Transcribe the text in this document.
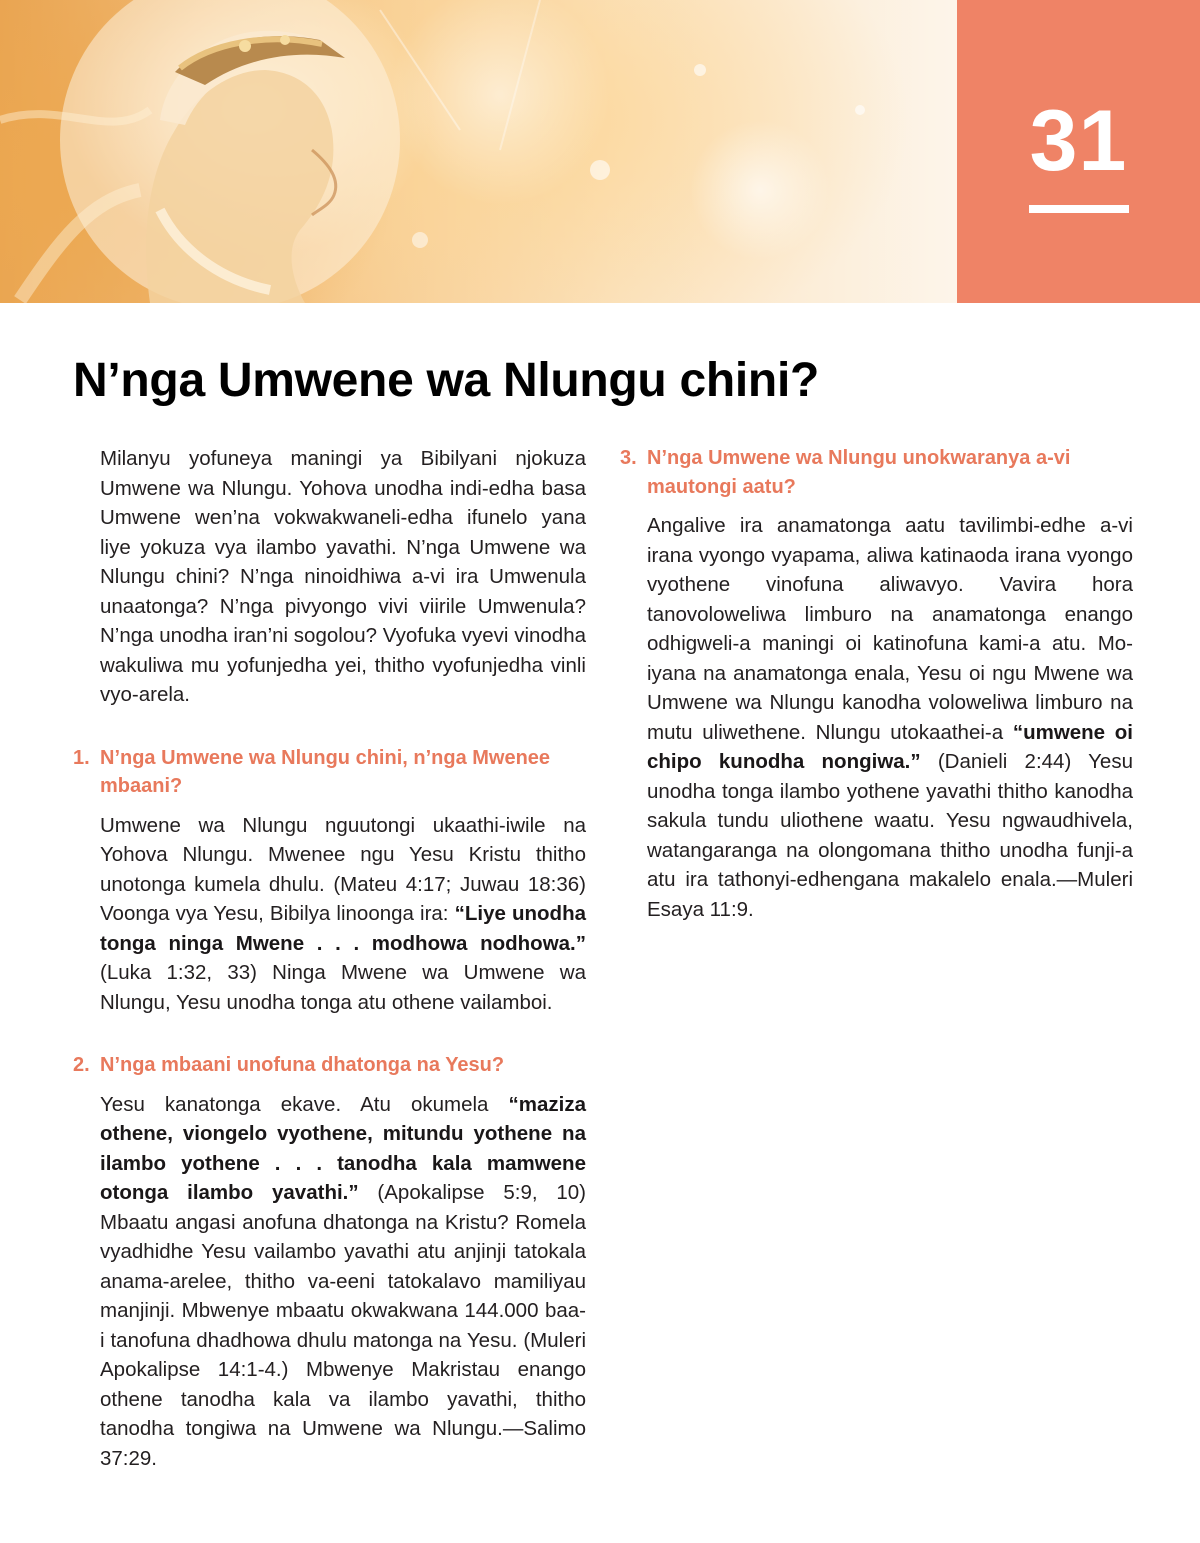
31
N’nga Umwene wa Nlungu chini?

Milanyu yofuneya maningi ya Bibilyani njokuza Umwene wa Nlungu. Yohova unodha indi-edha basa Umwene wen’na vokwakwaneli-edha ifunelo yana liye yokuza vya ilambo yavathi. N’nga Umwene wa Nlungu chini? N’nga ninoidhiwa a-vi ira Umwenula unaatonga? N’nga pivyongo vivi viirile Umwenula? N’nga unodha iran’ni sogolou? Vyofuka vyevi vinodha wakuliwa mu yofunjedha yei, thitho vyofunjedha vinli vyo-arela.

1. N’nga Umwene wa Nlungu chini, n’nga Mwenee mbaani?

Umwene wa Nlungu nguutongi ukaathi-iwile na Yohova Nlungu. Mwenee ngu Yesu Kristu thitho unotonga kumela dhulu. (Mateu 4:17; Juwau 18:36) Voonga vya Yesu, Bibilya linoonga ira: “Liye unodha tonga ninga Mwene . . . modhowa nodhowa.” (Luka 1:32, 33) Ninga Mwene wa Umwene wa Nlungu, Yesu unodha tonga atu othene vailamboi.

2. N’nga mbaani unofuna dhatonga na Yesu?

Yesu kanatonga ekave. Atu okumela “maziza othene, viongelo vyothene, mitundu yothene na ilambo yothene . . . tanodha kala mamwene otonga ilambo yavathi.” (Apokalipse 5:9, 10) Mbaatu angasi anofuna dhatonga na Kristu? Romela vyadhidhe Yesu vailambo yavathi atu anjinji tatokala anama-arelee, thitho va-eeni tatokalavo mamiliyau manjinji. Mbwenye mbaatu okwakwana 144.000 baa-i tanofuna dhadhowa dhulu matonga na Yesu. (Muleri Apokalipse 14:1-4.) Mbwenye Makristau enango othene tanodha kala va ilambo yavathi, thitho tanodha tongiwa na Umwene wa Nlungu.—Salimo 37:29.

3. N’nga Umwene wa Nlungu unokwaranya a-vi mautongi aatu?

Angalive ira anamatonga aatu tavilimbi-edhe a-vi irana vyongo vyapama, aliwa katinaoda irana vyongo vyothene vinofuna aliwavyo. Vavira hora tanovoloweliwa limburo na anamatonga enango odhigweli-a maningi oi katinofuna kami-a atu. Mo-iyana na anamatonga enala, Yesu oi ngu Mwene wa Umwene wa Nlungu kanodha voloweliwa limburo na mutu uliwethene. Nlungu utokaathei-a “umwene oi chipo kunodha nongiwa.” (Danieli 2:44) Yesu unodha tonga ilambo yothene yavathi thitho kanodha sakula tundu uliothene waatu. Yesu ngwaudhivela, watangaranga na olongomana thitho unodha funji-a atu ira tathonyi-edhengana makalelo enala.—Muleri Esaya 11:9.
